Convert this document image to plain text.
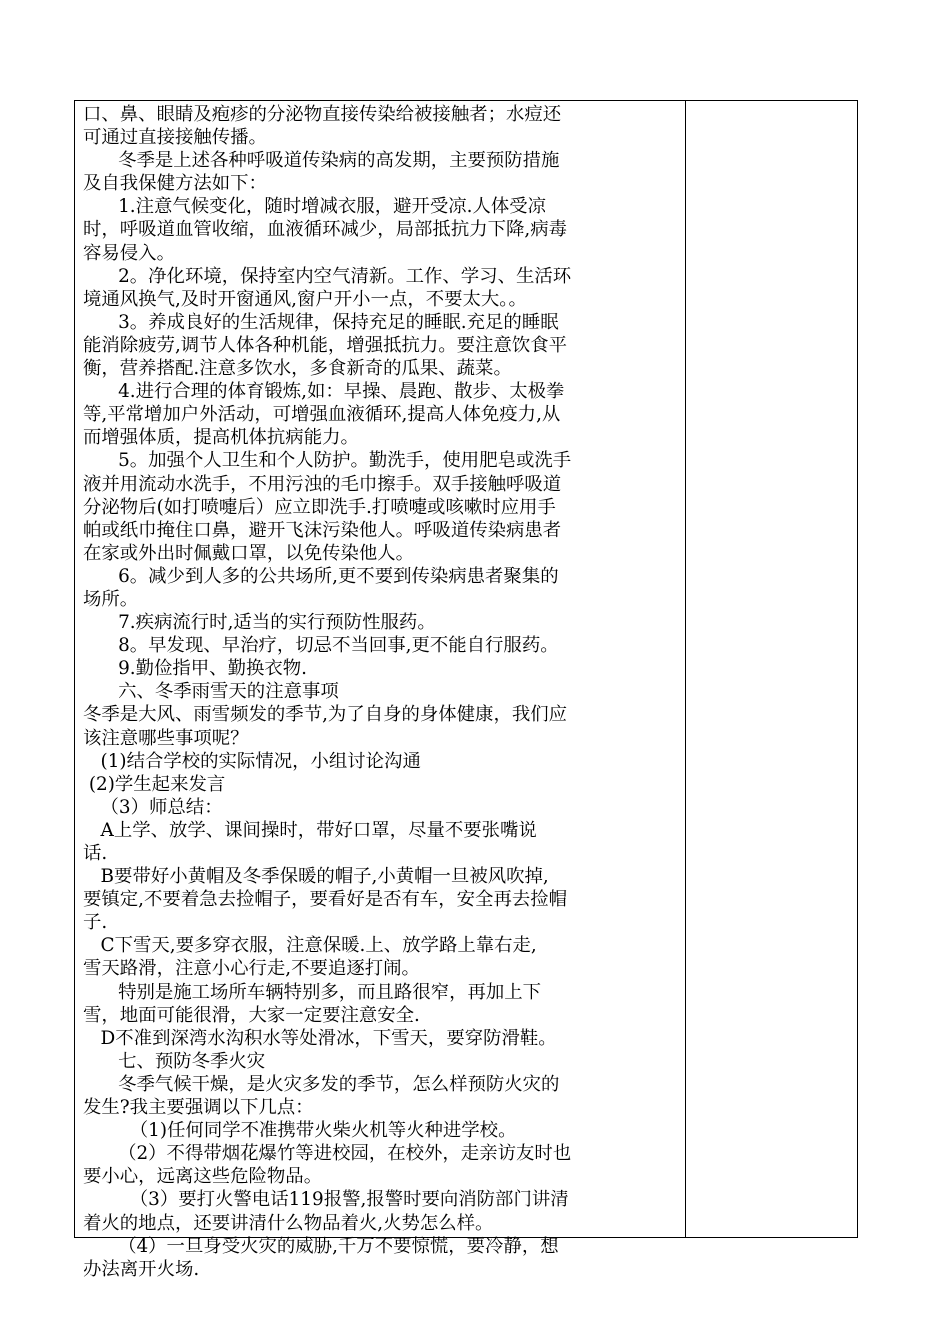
口、鼻、眼睛及疱疹的分泌物直接传染给被接触者；水痘还
可通过直接接触传播。
冬季是上述各种呼吸道传染病的高发期，主要预防措施
及自我保健方法如下：
1.注意气候变化，随时增减衣服，避开受凉.人体受凉
时，呼吸道血管收缩，血液循环减少，局部抵抗力下降,病毒
容易侵入。
2。净化环境，保持室内空气清新。工作、学习、生活环
境通风换气,及时开窗通风,窗户开小一点，不要太大。。
3。养成良好的生活规律，保持充足的睡眠.充足的睡眠
能消除疲劳,调节人体各种机能，增强抵抗力。要注意饮食平
衡，营养搭配.注意多饮水，多食新奇的瓜果、蔬菜。
4.进行合理的体育锻炼,如：早操、晨跑、散步、太极拳
等,平常增加户外活动，可增强血液循环,提高人体免疫力,从
而增强体质，提高机体抗病能力。
5。加强个人卫生和个人防护。勤洗手，使用肥皂或洗手
液并用流动水洗手，不用污浊的毛巾擦手。双手接触呼吸道
分泌物后(如打喷嚏后）应立即洗手.打喷嚏或咳嗽时应用手
帕或纸巾掩住口鼻，避开飞沫污染他人。呼吸道传染病患者
在家或外出时佩戴口罩，以免传染他人。
6。减少到人多的公共场所,更不要到传染病患者聚集的
场所。
7.疾病流行时,适当的实行预防性服药。
8。早发现、早治疗，切忌不当回事,更不能自行服药。
9.勤俭指甲、勤换衣物.
六、冬季雨雪天的注意事项
冬季是大风、雨雪频发的季节,为了自身的身体健康，我们应
该注意哪些事项呢？
(1)结合学校的实际情况，小组讨论沟通
(2)学生起来发言
（3）师总结：
A上学、放学、课间操时，带好口罩，尽量不要张嘴说
话.
B要带好小黄帽及冬季保暖的帽子,小黄帽一旦被风吹掉,
要镇定,不要着急去捡帽子，要看好是否有车，安全再去捡帽
子.
C下雪天,要多穿衣服，注意保暖.上、放学路上靠右走,
雪天路滑，注意小心行走,不要追逐打闹。
特别是施工场所车辆特别多，而且路很窄，再加上下
雪，地面可能很滑，大家一定要注意安全.
D不准到深湾水沟积水等处滑冰，下雪天，要穿防滑鞋。
七、预防冬季火灾
冬季气候干燥，是火灾多发的季节，怎么样预防火灾的
发生?我主要强调以下几点：
（1)任何同学不准携带火柴火机等火种进学校。
（2）不得带烟花爆竹等进校园，在校外，走亲访友时也
要小心，远离这些危险物品。
（3）要打火警电话119报警,报警时要向消防部门讲清
着火的地点，还要讲清什么物品着火,火势怎么样。
（4）一旦身受火灾的威胁,千万不要惊慌，要冷静，想
办法离开火场.
